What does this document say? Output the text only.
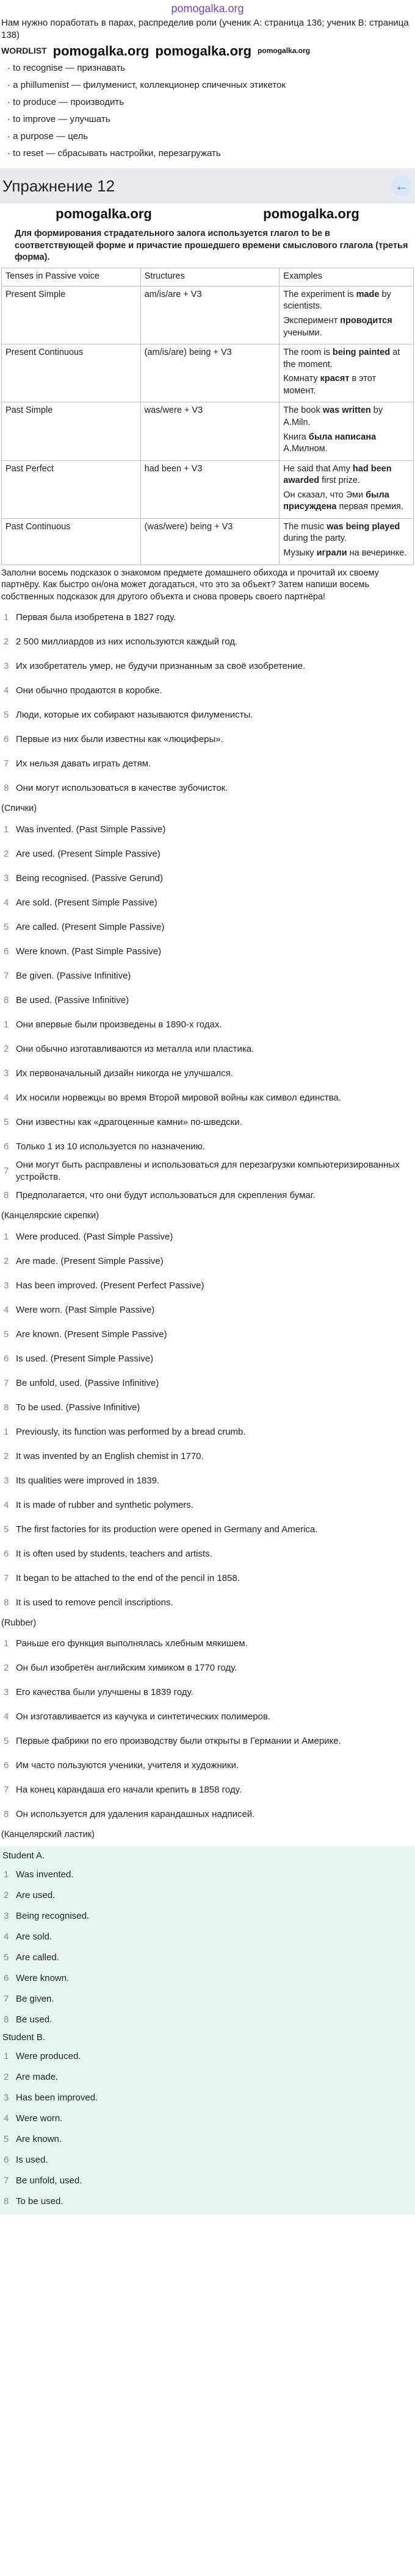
pomogalka.org

Нам нужно поработать в парах, распределив роли (ученик А: страница 136; ученик В: страница 138)

WORDLIST pomogalka.org pomogalka.org pomogalka.org
· to recognise — признавать
· a phillumenist — филуменист, коллекционер спичечных этикеток
· to produce — производить
· to improve — улучшать
· a purpose — цель
· to reset — сбрасывать настройки, перезагружать
Упражнение 12	←
pomogalka.org	pomogalka.org
Для формирования страдательного залога используется глагол to be в соответствующей форме и причастие прошедшего времени смыслового глагола (третья форма).
Tenses in Passive voice	Structures	Examples
Present Simple	am/is/are + V3	The experiment is made by scientists.
Эксперимент проводится учеными.

Present Continuous	(am/is/are) being + V3	The room is being painted at the moment.
Комнату красят в этот момент.

Past Simple	was/were + V3	The book was written by A.Miln.
Книга была написана А.Милном.

Past Perfect	had been + V3	He said that Amy had been awarded first prize.
Он сказал, что Эми была присуждена первая премия.

Past Continuous	(was/were) being + V3	The music was being played during the party.
Музыку играли на вечеринке.
Заполни восемь подсказок о знакомом предмете домашнего обихода и прочитай их своему партнёру. Как быстро он/она может догадаться, что это за объект? Затем напиши восемь собственных подсказок для другого объекта и снова проверь своего партнёра!
1 Первая была изобретена в 1827 году.
2 2 500 миллиардов из них используются каждый год.
3 Их изобретатель умер, не будучи признанным за своё изобретение.
4 Они обычно продаются в коробке.
5 Люди, которые их собирают называются филуменисты.
6 Первые из них были известны как «люциферы».
7 Их нельзя давать играть детям.
8 Они могут использоваться в качестве зубочисток.
(Спички)
1 Was invented. (Past Simple Passive)
2 Are used. (Present Simple Passive)
3 Being recognised. (Passive Gerund)
4 Are sold. (Present Simple Passive)
5 Are called. (Present Simple Passive)
6 Were known. (Past Simple Passive)
7 Be given. (Passive Infinitive)
8 Be used. (Passive Infinitive)
1 Они впервые были произведены в 1890-х годах.
2 Они обычно изготавливаются из металла или пластика.
3 Их первоначальный дизайн никогда не улучшался.
4 Их носили норвежцы во время Второй мировой войны как символ единства.
5 Они известны как «драгоценные камни» по-шведски.
6 Только 1 из 10 используется по назначению.
7
Они могут быть расправлены и использоваться для перезагрузки компьютеризированных устройств.
8 Предполагается, что они будут использоваться для скрепления бумаг.
(Канцелярские скрепки)
1 Were produced. (Past Simple Passive)
2 Are made. (Present Simple Passive)
3 Has been improved. (Present Perfect Passive)
4 Were worn. (Past Simple Passive)
5 Are known. (Present Simple Passive)
6 Is used. (Present Simple Passive)
7 Be unfold, used. (Passive Infinitive)
8 To be used. (Passive Infinitive)
1 Previously, its function was performed by a bread crumb.
2 It was invented by an English chemist in 1770.
3 Its qualities were improved in 1839.
4 It is made of rubber and synthetic polymers.
5 The first factories for its production were opened in Germany and America.
6 It is often used by students, teachers and artists.
7 It began to be attached to the end of the pencil in 1858.
8 It is used to remove pencil inscriptions.
(Rubber)
1 Раньше его функция выполнялась хлебным мякишем.
2 Он был изобретён английским химиком в 1770 году.
3 Его качества были улучшены в 1839 году.
4 Он изготавливается из каучука и синтетических полимеров.
5 Первые фабрики по его производству были открыты в Германии и Америке.
6 Им часто пользуются ученики, учителя и художники.
7 На конец карандаша его начали крепить в 1858 году.
8 Он используется для удаления карандашных надписей.
(Канцелярский ластик)
Student A.
1 Was invented.
2 Are used.
3 Being recognised.
4 Are sold.
5 Are called.
6 Were known.
7 Be given.
8 Be used.
Student B.
1 Were produced.
2 Are made.
3 Has been improved.
4 Were worn.
5 Are known.
6 Is used.
7 Be unfold, used.
8 To be used.
